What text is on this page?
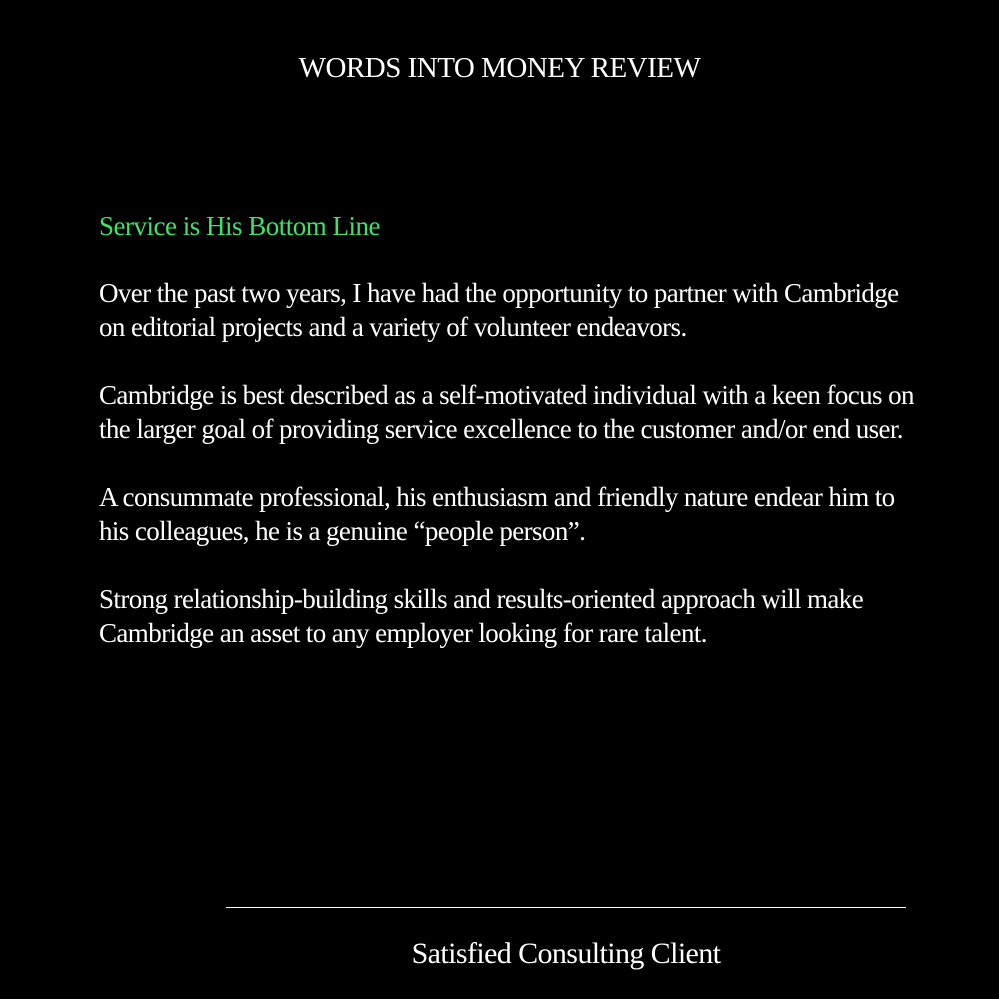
WORDS INTO MONEY REVIEW
Service is His Bottom Line

Over the past two years, I have had the opportunity to partner with Cambridge on editorial projects and a variety of volunteer endeavors.

Cambridge is best described as a self-motivated individual with a keen focus on the larger goal of providing service excellence to the customer and/or end user.

A consummate professional, his enthusiasm and friendly nature endear him to his colleagues, he is a genuine “people person”.

Strong relationship-building skills and results-oriented approach will make Cambridge an asset to any employer looking for rare talent.

Satisfied Consulting Client
